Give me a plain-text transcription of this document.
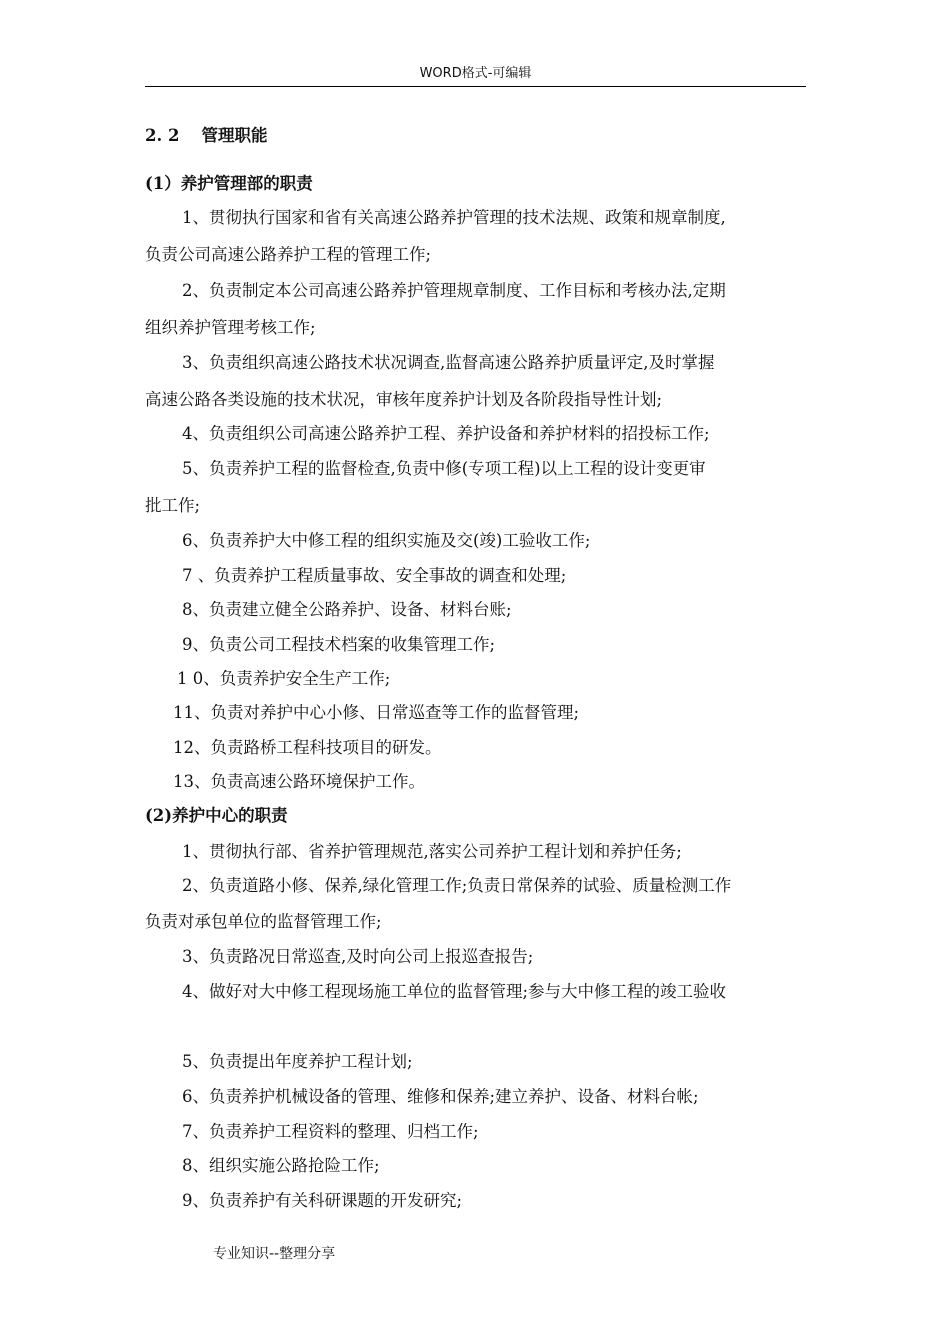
WORD格式-可编辑
2. 2 管理职能
(1）养护管理部的职责
1、贯彻执行国家和省有关高速公路养护管理的技术法规、政策和规章制度,
负责公司高速公路养护工程的管理工作;
2、负责制定本公司高速公路养护管理规章制度、工作目标和考核办法,定期
组织养护管理考核工作;
3、负责组织高速公路技术状况调查,监督高速公路养护质量评定,及时掌握
高速公路各类设施的技术状况，审核年度养护计划及各阶段指导性计划;
4、负责组织公司高速公路养护工程、养护设备和养护材料的招投标工作;
5、负责养护工程的监督检查,负责中修(专项工程)以上工程的设计变更审
批工作;
6、负责养护大中修工程的组织实施及交(竣)工验收工作;
7 、负责养护工程质量事故、安全事故的调查和处理;
8、负责建立健全公路养护、设备、材料台账;
9、负责公司工程技术档案的收集管理工作;
1 0、负责养护安全生产工作;
11、负责对养护中心小修、日常巡查等工作的监督管理;
12、负责路桥工程科技项目的研发。
13、负责高速公路环境保护工作。
(2)养护中心的职责
1、贯彻执行部、省养护管理规范,落实公司养护工程计划和养护任务;
2、负责道路小修、保养,绿化管理工作;负责日常保养的试验、质量检测工作
负责对承包单位的监督管理工作;
3、负责路况日常巡查,及时向公司上报巡查报告;
4、做好对大中修工程现场施工单位的监督管理;参与大中修工程的竣工验收
5、负责提出年度养护工程计划;
6、负责养护机械设备的管理、维修和保养;建立养护、设备、材料台帐;
7、负责养护工程资料的整理、归档工作;
8、组织实施公路抢险工作;
9、负责养护有关科研课题的开发研究;
专业知识--整理分享
